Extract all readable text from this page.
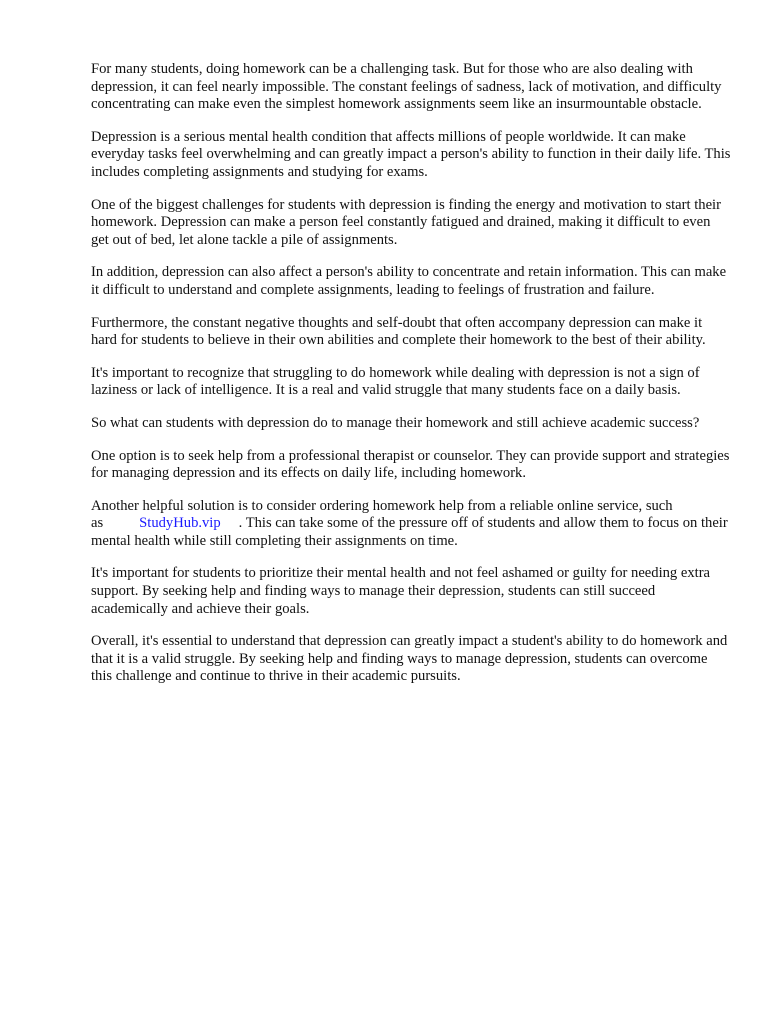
For many students, doing homework can be a challenging task. But for those who are also dealing with depression, it can feel nearly impossible. The constant feelings of sadness, lack of motivation, and difficulty concentrating can make even the simplest homework assignments seem like an insurmountable obstacle.

Depression is a serious mental health condition that affects millions of people worldwide. It can make everyday tasks feel overwhelming and can greatly impact a person's ability to function in their daily life. This includes completing assignments and studying for exams.

One of the biggest challenges for students with depression is finding the energy and motivation to start their homework. Depression can make a person feel constantly fatigued and drained, making it difficult to even get out of bed, let alone tackle a pile of assignments.

In addition, depression can also affect a person's ability to concentrate and retain information. This can make it difficult to understand and complete assignments, leading to feelings of frustration and failure.

Furthermore, the constant negative thoughts and self-doubt that often accompany depression can make it hard for students to believe in their own abilities and complete their homework to the best of their ability.

It's important to recognize that struggling to do homework while dealing with depression is not a sign of laziness or lack of intelligence. It is a real and valid struggle that many students face on a daily basis.

So what can students with depression do to manage their homework and still achieve academic success?

One option is to seek help from a professional therapist or counselor. They can provide support and strategies for managing depression and its effects on daily life, including homework.

Another helpful solution is to consider ordering homework help from a reliable online service, such as StudyHub.vip . This can take some of the pressure off of students and allow them to focus on their mental health while still completing their assignments on time.

It's important for students to prioritize their mental health and not feel ashamed or guilty for needing extra support. By seeking help and finding ways to manage their depression, students can still succeed academically and achieve their goals.

Overall, it's essential to understand that depression can greatly impact a student's ability to do homework and that it is a valid struggle. By seeking help and finding ways to manage depression, students can overcome this challenge and continue to thrive in their academic pursuits.
